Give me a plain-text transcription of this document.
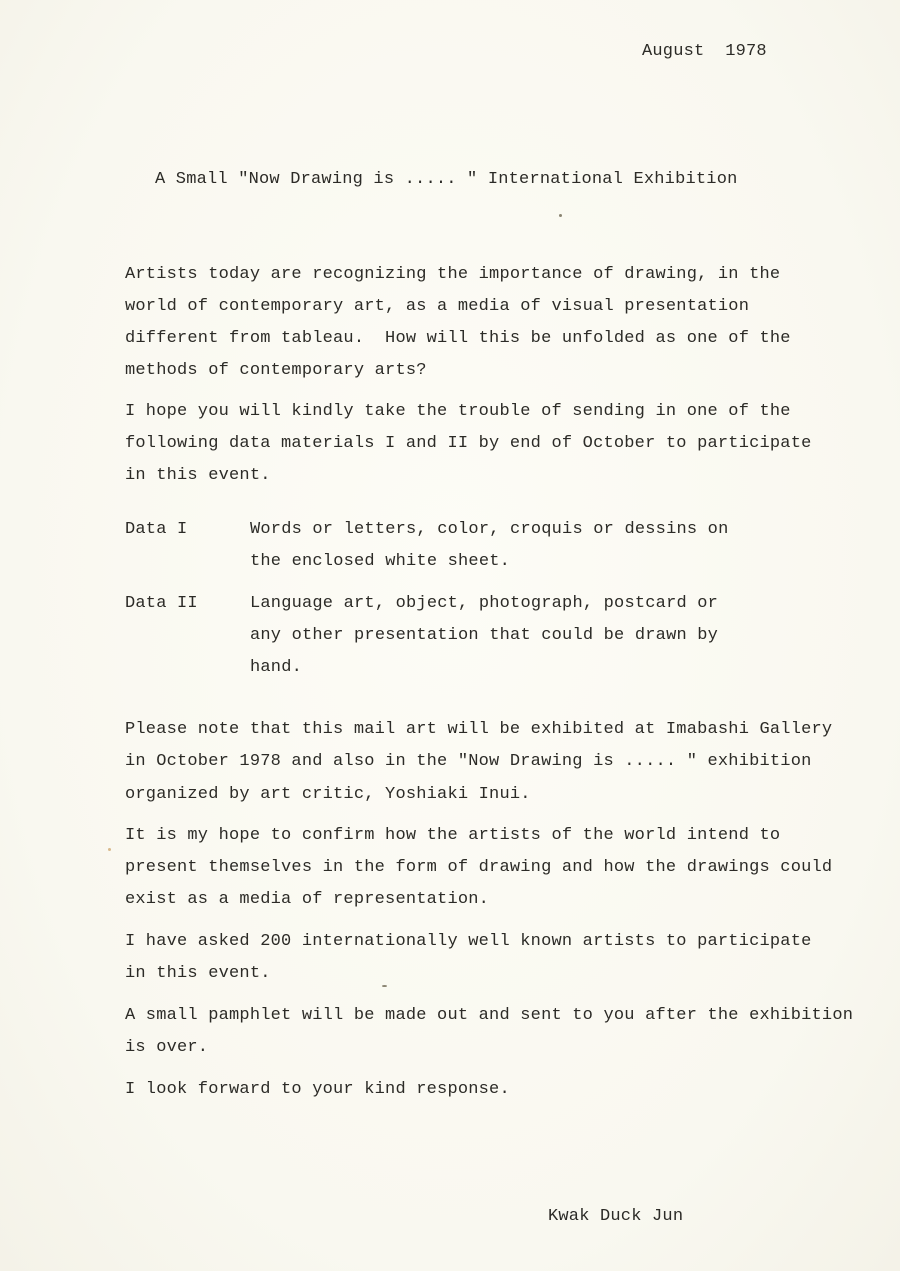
August  1978
A Small "Now Drawing is ..... " International Exhibition
Artists today are recognizing the importance of drawing, in the
world of contemporary art, as a media of visual presentation
different from tableau.  How will this be unfolded as one of the
methods of contemporary arts?
I hope you will kindly take the trouble of sending in one of the
following data materials I and II by end of October to participate
in this event.
Data I	Words or letters, color, croquis or dessins on
the enclosed white sheet.
Data II	Language art, object, photograph, postcard or
any other presentation that could be drawn by
hand.
Please note that this mail art will be exhibited at Imabashi Gallery
in October 1978 and also in the "Now Drawing is ..... " exhibition
organized by art critic, Yoshiaki Inui.
It is my hope to confirm how the artists of the world intend to
present themselves in the form of drawing and how the drawings could
exist as a media of representation.
I have asked 200 internationally well known artists to participate
in this event.
A small pamphlet will be made out and sent to you after the exhibition
is over.
I look forward to your kind response.
Kwak Duck Jun
